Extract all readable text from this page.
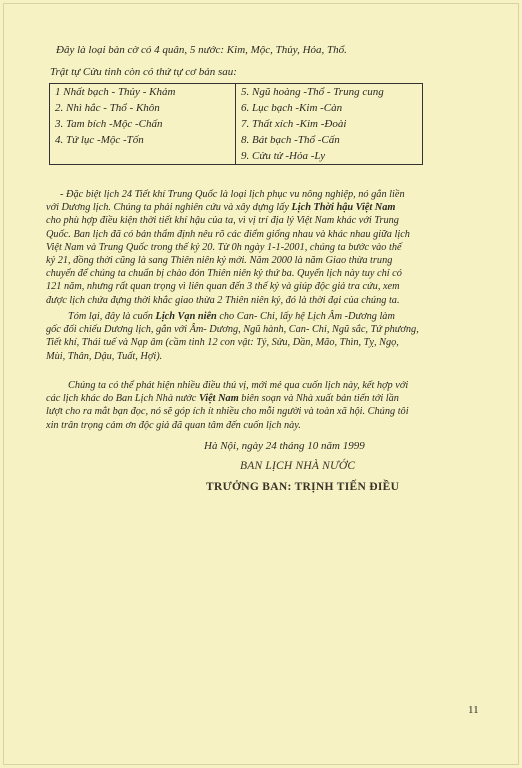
Đây là loại bàn cờ có 4 quân, 5 nước: Kim, Mộc, Thủy, Hỏa, Thổ.
Trật tự Cửu tinh còn có thứ tự cơ bản sau:
1 Nhất bạch - Thủy - Khảm	5. Ngũ hoàng -Thổ - Trung cung
2. Nhì hắc - Thổ - Khôn	6. Lục bạch -Kim -Càn
3. Tam bích -Mộc -Chấn	7. Thất xích -Kim -Đoài
4. Tứ lục -Mộc -Tốn	8. Bát bạch -Thổ -Cấn
	9. Cửu tử -Hỏa -Ly
- Đặc biệt lịch 24 Tiết khí Trung Quốc là loại lịch phục vu nông nghiệp, nó gắn liền
với Dương lịch. Chúng ta phải nghiên cứu và xây dựng lấy Lịch Thời hậu Việt Nam
cho phù hợp điều kiện thời tiết khí hậu của ta, vì vị trí địa lý Việt Nam khác với Trung
Quốc. Ban lịch đã có bản thẩm định nêu rõ các điểm giống nhau và khác nhau giữa lịch
Việt Nam và Trung Quốc trong thế kỷ 20. Từ 0h ngày 1-1-2001, chúng ta bước vào thế
kỷ 21, đồng thời cũng là sang Thiên niên kỷ mới. Năm 2000 là năm Giao thừa trung
chuyển để chúng ta chuẩn bị chào đón Thiên niên kỷ thứ ba. Quyển lịch này tuy chỉ có
121 năm, nhưng rất quan trọng vì liên quan đến 3 thế kỷ và giúp độc giả tra cứu, xem
được lịch chứa đựng thời khắc giao thừa 2 Thiên niên kỷ, đó là thời đại của chúng ta.
Tóm lại, đây là cuốn Lịch Vạn niên cho Can- Chi, lấy hệ Lịch Âm -Dương làm
gốc đối chiếu Dương lịch, gắn với Âm- Dương, Ngũ hành, Can- Chi, Ngũ sắc, Tứ phương,
Tiết khí, Thái tuế và Nạp âm (cầm tinh 12 con vật: Tý, Sửu, Dần, Mão, Thìn, Tỵ, Ngọ,
Mùi, Thân, Dậu, Tuất, Hợi).
Chúng ta có thể phát hiện nhiều điều thú vị, mới mẻ qua cuốn lịch này, kết hợp với
các lịch khác do Ban Lịch Nhà nước Việt Nam biên soạn và Nhà xuất bản tiến tới lần
lượt cho ra mắt bạn đọc, nó sẽ góp ích ít nhiều cho mỗi người và toàn xã hội. Chúng tôi
xin trân trọng cảm ơn độc giả đã quan tâm đến cuốn lịch này.
Hà Nội, ngày 24 tháng 10 năm 1999
BAN LỊCH NHÀ NƯỚC
TRƯỞNG BAN: TRỊNH TIẾN ĐIỀU
11
